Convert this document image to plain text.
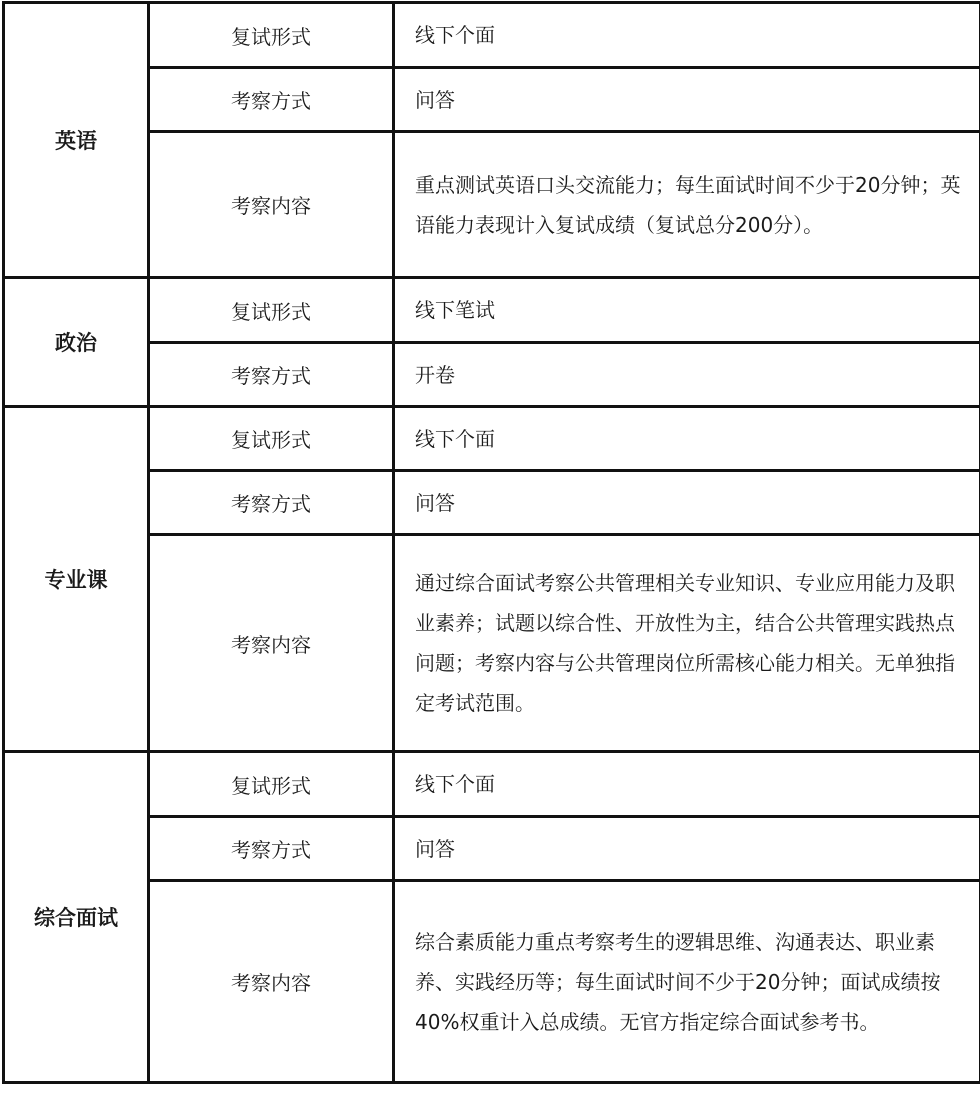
英语	复试形式	线下个面
	考察方式	问答
	考察内容	重点测试英语口头交流能力；每生面试时间不少于20分钟；英语能力表现计入复试成绩（复试总分200分）。
政治	复试形式	线下笔试
	考察方式	开卷
专业课	复试形式	线下个面
	考察方式	问答
	考察内容	通过综合面试考察公共管理相关专业知识、专业应用能力及职业素养；试题以综合性、开放性为主，结合公共管理实践热点问题；考察内容与公共管理岗位所需核心能力相关。无单独指定考试范围。
综合面试	复试形式	线下个面
	考察方式	问答
	考察内容	综合素质能力重点考察考生的逻辑思维、沟通表达、职业素养、实践经历等；每生面试时间不少于20分钟；面试成绩按40%权重计入总成绩。无官方指定综合面试参考书。
